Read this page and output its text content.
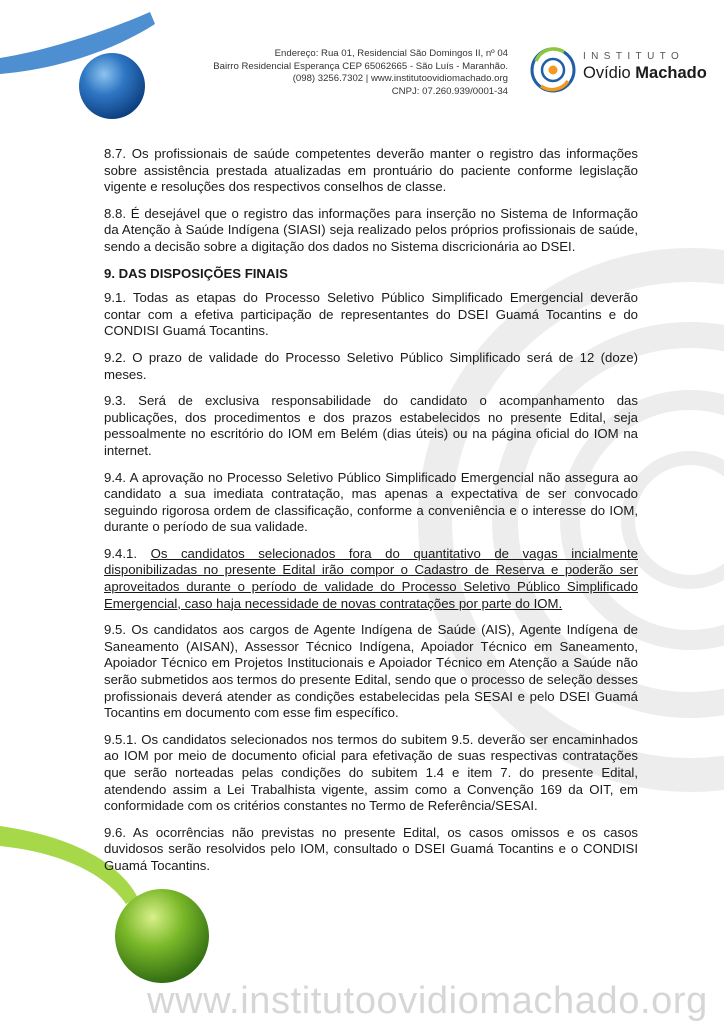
Endereço: Rua 01, Residencial São Domingos II, nº 04
Bairro Residencial Esperança CEP 65062665 - São Luís - Maranhão.
(098) 3256.7302 | www.institutoovidiomachado.org
CNPJ: 07.260.939/0001-34
INSTITUTO
Ovídio Machado

8.7. Os profissionais de saúde competentes deverão manter o registro das informações sobre assistência prestada atualizadas em prontuário do paciente conforme legislação vigente e resoluções dos respectivos conselhos de classe.

8.8. É desejável que o registro das informações para inserção no Sistema de Informação da Atenção à Saúde Indígena (SIASI) seja realizado pelos próprios profissionais de saúde, sendo a decisão sobre a digitação dos dados no Sistema discricionária ao DSEI.

9. DAS DISPOSIÇÕES FINAIS

9.1. Todas as etapas do Processo Seletivo Público Simplificado Emergencial deverão contar com a efetiva participação de representantes do DSEI Guamá Tocantins e do CONDISI Guamá Tocantins.

9.2. O prazo de validade do Processo Seletivo Público Simplificado será de 12 (doze) meses.

9.3. Será de exclusiva responsabilidade do candidato o acompanhamento das publicações, dos procedimentos e dos prazos estabelecidos no presente Edital, seja pessoalmente no escritório do IOM em Belém (dias úteis) ou na página oficial do IOM na internet.

9.4. A aprovação no Processo Seletivo Público Simplificado Emergencial não assegura ao candidato a sua imediata contratação, mas apenas a expectativa de ser convocado seguindo rigorosa ordem de classificação, conforme a conveniência e o interesse do IOM, durante o período de sua validade.

9.4.1. Os candidatos selecionados fora do quantitativo de vagas incialmente disponibilizadas no presente Edital irão compor o Cadastro de Reserva e poderão ser aproveitados durante o período de validade do Processo Seletivo Público Simplificado Emergencial, caso haja necessidade de novas contratações por parte do IOM.

9.5. Os candidatos aos cargos de Agente Indígena de Saúde (AIS), Agente Indígena de Saneamento (AISAN), Assessor Técnico Indígena, Apoiador Técnico em Saneamento, Apoiador Técnico em Projetos Institucionais e Apoiador Técnico em Atenção a Saúde não serão submetidos aos termos do presente Edital, sendo que o processo de seleção desses profissionais deverá atender as condições estabelecidas pela SESAI e pelo DSEI Guamá Tocantins em documento com esse fim específico.

9.5.1. Os candidatos selecionados nos termos do subitem 9.5. deverão ser encaminhados ao IOM por meio de documento oficial para efetivação de suas respectivas contratações que serão norteadas pelas condições do subitem 1.4 e item 7. do presente Edital, atendendo assim a Lei Trabalhista vigente, assim como a Convenção 169 da OIT, em conformidade com os critérios constantes no Termo de Referência/SESAI.

9.6. As ocorrências não previstas no presente Edital, os casos omissos e os casos duvidosos serão resolvidos pelo IOM, consultado o DSEI Guamá Tocantins e o CONDISI Guamá Tocantins.

www.institutoovidiomachado.org
